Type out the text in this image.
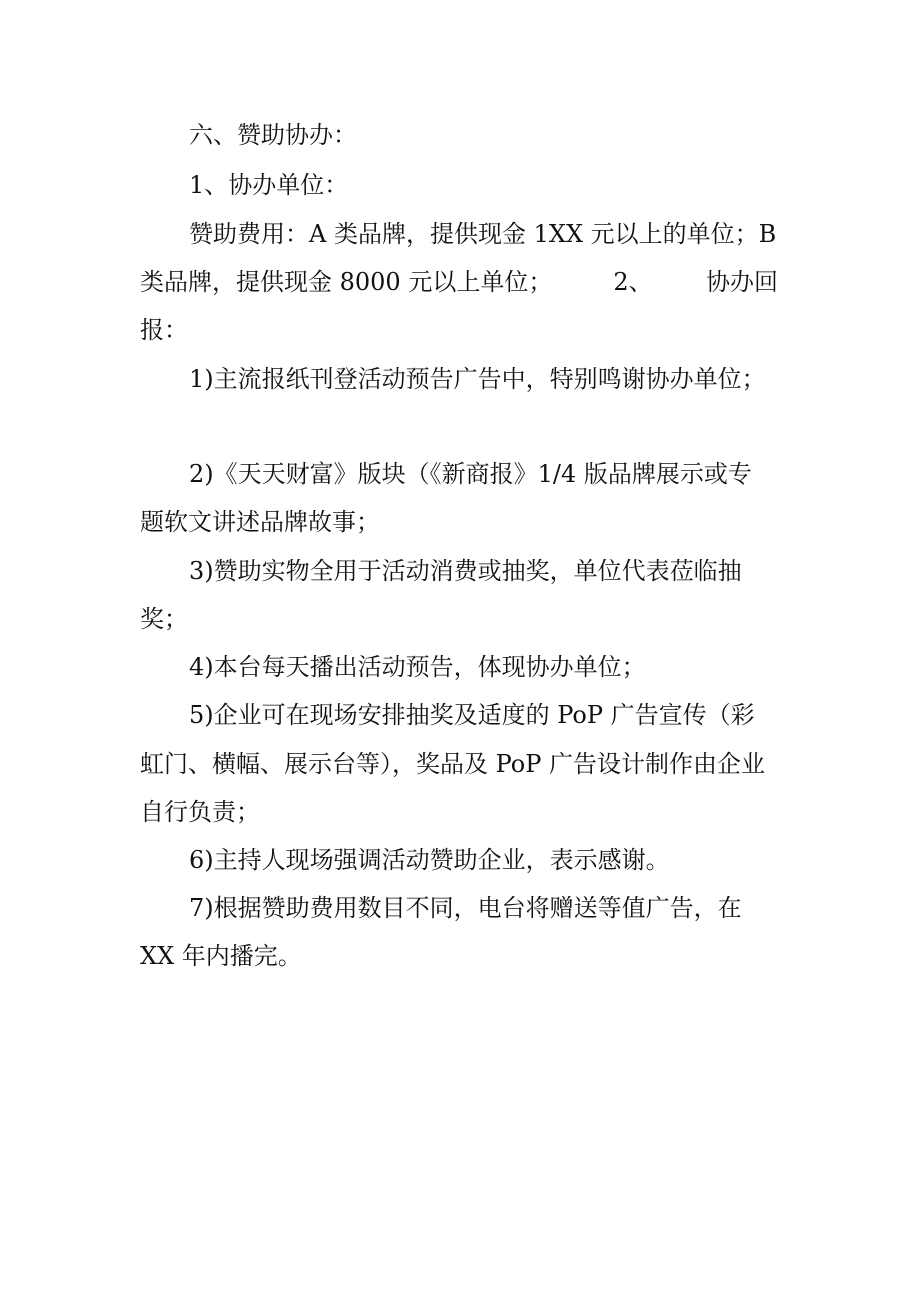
六、赞助协办：
1、协办单位：
赞助费用：A 类品牌，提供现金 1XX 元以上的单位；B
类品牌，提供现金 8000 元以上单位；        2、       协办回
报：
1)主流报纸刊登活动预告广告中，特别鸣谢协办单位；
2)《天天财富》版块（《新商报》1/4 版品牌展示或专
题软文讲述品牌故事；
3)赞助实物全用于活动消费或抽奖，单位代表莅临抽
奖；
4)本台每天播出活动预告，体现协办单位；
5)企业可在现场安排抽奖及适度的 PoP 广告宣传（彩
虹门、横幅、展示台等），奖品及 PoP 广告设计制作由企业
自行负责；
6)主持人现场强调活动赞助企业，表示感谢。
7)根据赞助费用数目不同，电台将赠送等值广告，在
XX 年内播完。
